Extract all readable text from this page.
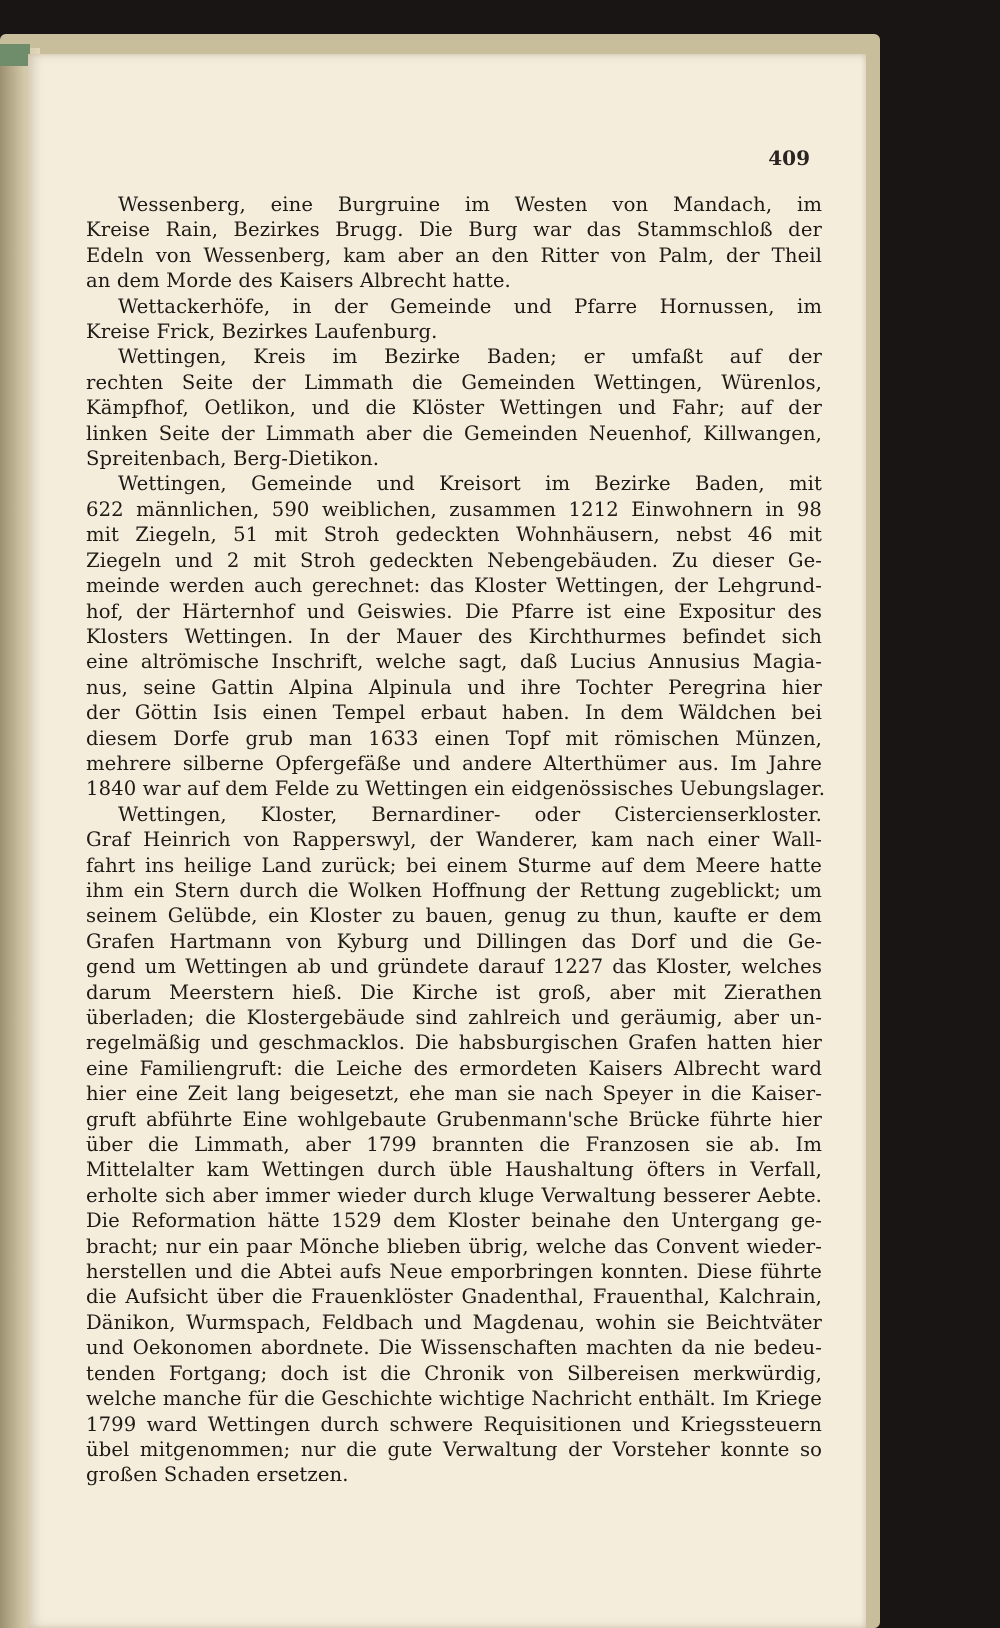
409
Wessenberg, eine Burgruine im Westen von Mandach, im
Kreise Rain, Bezirkes Brugg. Die Burg war das Stammschloß der
Edeln von Wessenberg, kam aber an den Ritter von Palm, der Theil
an dem Morde des Kaisers Albrecht hatte.
Wettackerhöfe, in der Gemeinde und Pfarre Hornussen, im
Kreise Frick, Bezirkes Laufenburg.
Wettingen, Kreis im Bezirke Baden; er umfaßt auf der
rechten Seite der Limmath die Gemeinden Wettingen, Würenlos,
Kämpfhof, Oetlikon, und die Klöster Wettingen und Fahr; auf der
linken Seite der Limmath aber die Gemeinden Neuenhof, Killwangen,
Spreitenbach, Berg-Dietikon.
Wettingen, Gemeinde und Kreisort im Bezirke Baden, mit
622 männlichen, 590 weiblichen, zusammen 1212 Einwohnern in 98
mit Ziegeln, 51 mit Stroh gedeckten Wohnhäusern, nebst 46 mit
Ziegeln und 2 mit Stroh gedeckten Nebengebäuden. Zu dieser Ge-
meinde werden auch gerechnet: das Kloster Wettingen, der Lehgrund-
hof, der Härternhof und Geiswies. Die Pfarre ist eine Expositur des
Klosters Wettingen. In der Mauer des Kirchthurmes befindet sich
eine altrömische Inschrift, welche sagt, daß Lucius Annusius Magia-
nus, seine Gattin Alpina Alpinula und ihre Tochter Peregrina hier
der Göttin Isis einen Tempel erbaut haben. In dem Wäldchen bei
diesem Dorfe grub man 1633 einen Topf mit römischen Münzen,
mehrere silberne Opfergefäße und andere Alterthümer aus. Im Jahre
1840 war auf dem Felde zu Wettingen ein eidgenössisches Uebungslager.
Wettingen, Kloster, Bernardiner- oder Cistercienserkloster.
Graf Heinrich von Rapperswyl, der Wanderer, kam nach einer Wall-
fahrt ins heilige Land zurück; bei einem Sturme auf dem Meere hatte
ihm ein Stern durch die Wolken Hoffnung der Rettung zugeblickt; um
seinem Gelübde, ein Kloster zu bauen, genug zu thun, kaufte er dem
Grafen Hartmann von Kyburg und Dillingen das Dorf und die Ge-
gend um Wettingen ab und gründete darauf 1227 das Kloster, welches
darum Meerstern hieß. Die Kirche ist groß, aber mit Zierathen
überladen; die Klostergebäude sind zahlreich und geräumig, aber un-
regelmäßig und geschmacklos. Die habsburgischen Grafen hatten hier
eine Familiengruft: die Leiche des ermordeten Kaisers Albrecht ward
hier eine Zeit lang beigesetzt, ehe man sie nach Speyer in die Kaiser-
gruft abführte Eine wohlgebaute Grubenmann'sche Brücke führte hier
über die Limmath, aber 1799 brannten die Franzosen sie ab. Im
Mittelalter kam Wettingen durch üble Haushaltung öfters in Verfall,
erholte sich aber immer wieder durch kluge Verwaltung besserer Aebte.
Die Reformation hätte 1529 dem Kloster beinahe den Untergang ge-
bracht; nur ein paar Mönche blieben übrig, welche das Convent wieder-
herstellen und die Abtei aufs Neue emporbringen konnten. Diese führte
die Aufsicht über die Frauenklöster Gnadenthal, Frauenthal, Kalchrain,
Dänikon, Wurmspach, Feldbach und Magdenau, wohin sie Beichtväter
und Oekonomen abordnete. Die Wissenschaften machten da nie bedeu-
tenden Fortgang; doch ist die Chronik von Silbereisen merkwürdig,
welche manche für die Geschichte wichtige Nachricht enthält. Im Kriege
1799 ward Wettingen durch schwere Requisitionen und Kriegssteuern
übel mitgenommen; nur die gute Verwaltung der Vorsteher konnte so
großen Schaden ersetzen.
